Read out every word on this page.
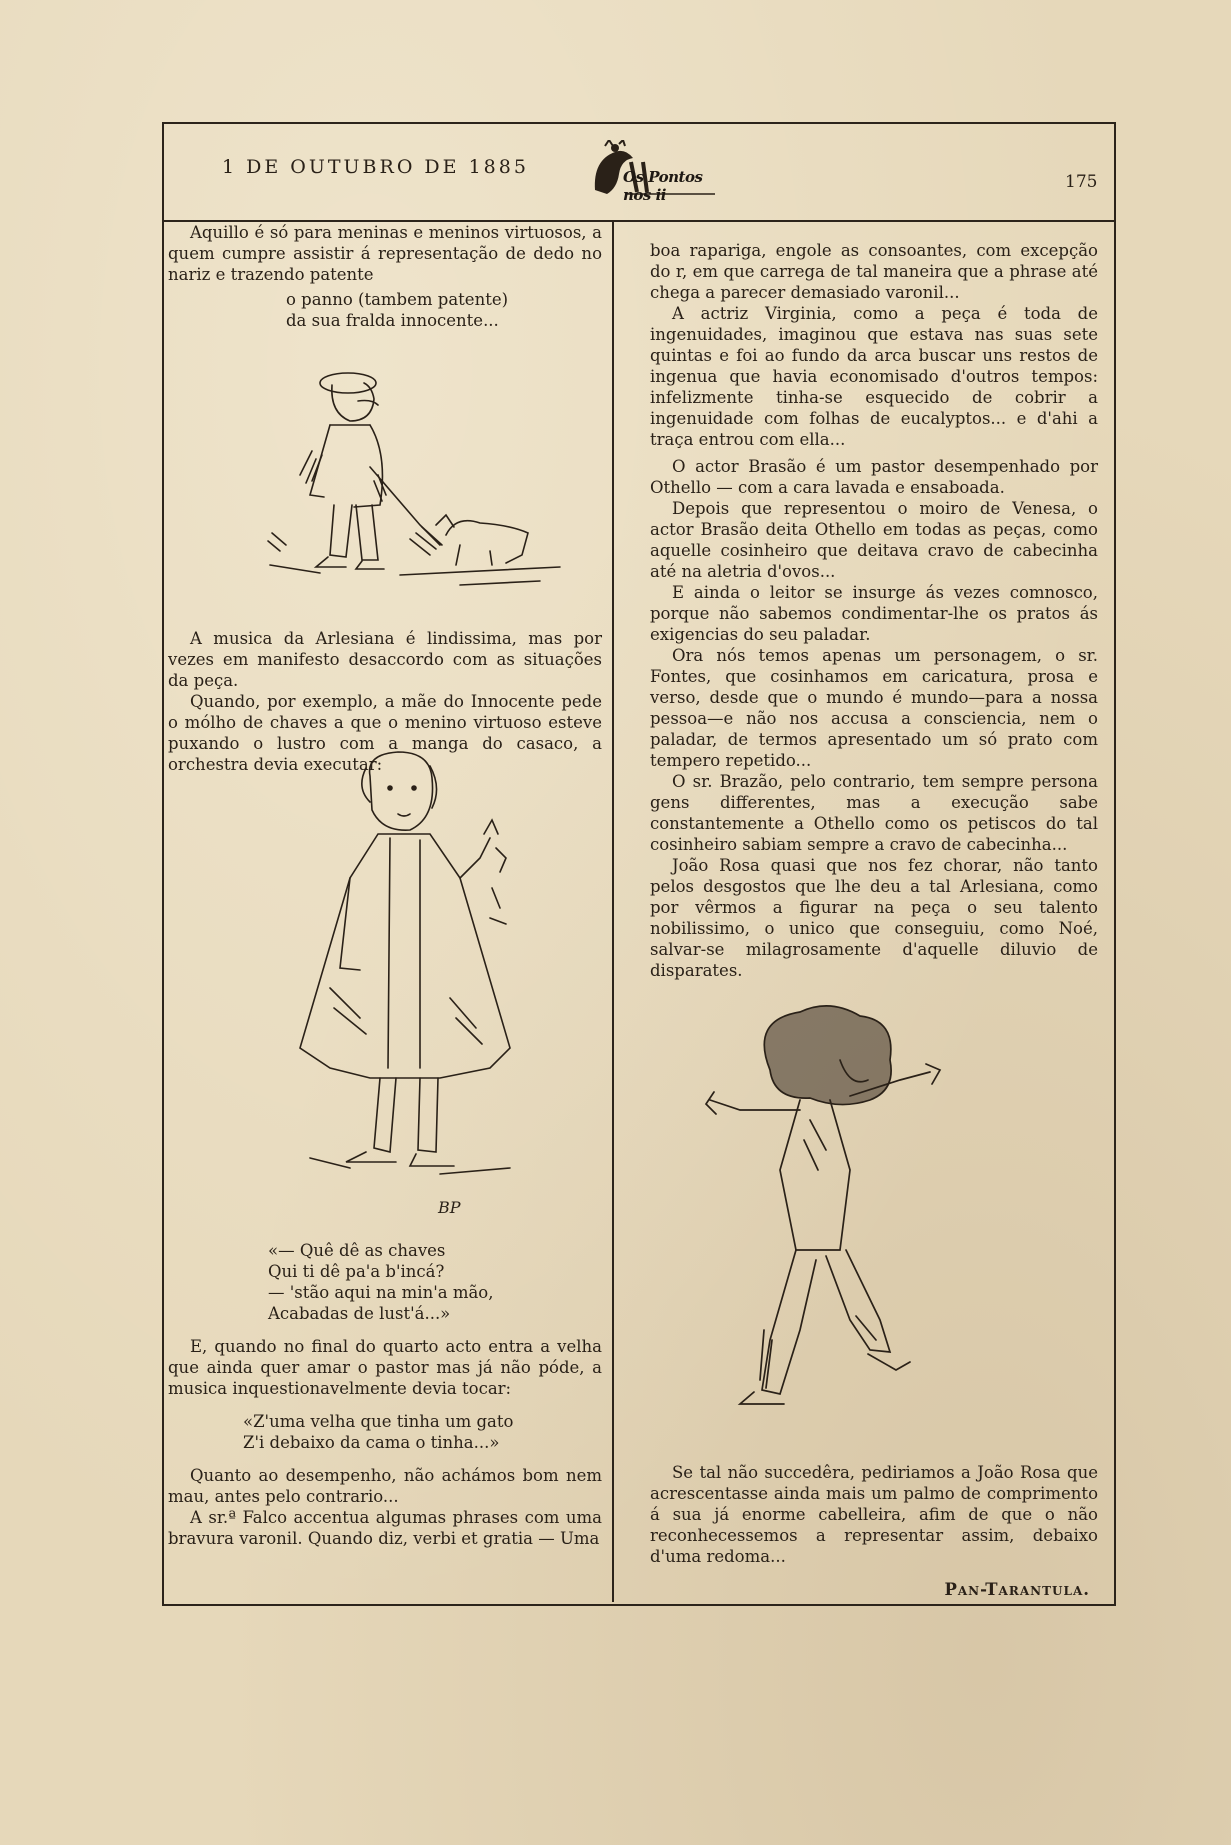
1 DE OUTUBRO DE 1885	Os Pontos nos ii
175

Aquillo é só para meninas e meninos virtuosos, a quem cumpre assistir á representação de dedo no nariz e trazendo patente

o panno (tambem patente)

da sua fralda innocente...

A musica da Arlesiana é lindissima, mas por vezes em manifesto desaccordo com as situações da peça.

Quando, por exemplo, a mãe do Innocente pede o mólho de chaves a que o menino virtuoso esteve puxando o lustro com a manga do casaco, a orchestra devia executar:

BP

«— Quê dê as chaves

Qui ti dê pa'a b'incá?

— 'stão aqui na min'a mão,

Acabadas de lust'á...»

E, quando no final do quarto acto entra a velha que ainda quer amar o pastor mas já não póde, a musica inquestionavelmente devia tocar:

«Z'uma velha que tinha um gato

Z'i debaixo da cama o tinha...»

Quanto ao desempenho, não achámos bom nem mau, antes pelo contrario...

A sr.ª Falco accentua algumas phrases com uma bravura varonil. Quando diz, verbi et gratia — Uma

boa rapariga, engole as consoantes, com excepção do r, em que carrega de tal maneira que a phrase até chega a parecer demasiado varonil...

A actriz Virginia, como a peça é toda de ingenuidades, imaginou que estava nas suas sete quintas e foi ao fundo da arca buscar uns restos de ingenua que havia economisado d'outros tempos: infelizmente tinha-se esquecido de cobrir a ingenuidade com folhas de eucalyptos... e d'ahi a traça entrou com ella...

O actor Brasão é um pastor desempenhado por Othello — com a cara lavada e ensaboada.

Depois que representou o moiro de Venesa, o actor Brasão deita Othello em todas as peças, como aquelle cosinheiro que deitava cravo de cabecinha até na aletria d'ovos...

E ainda o leitor se insurge ás vezes comnosco, porque não sabemos condimentar-lhe os pratos ás exigencias do seu paladar.

Ora nós temos apenas um personagem, o sr. Fontes, que cosinhamos em caricatura, prosa e verso, desde que o mundo é mundo—para a nossa pessoa—e não nos accusa a consciencia, nem o paladar, de termos apresentado um só prato com tempero repetido...

O sr. Brazão, pelo contrario, tem sempre persona gens differentes, mas a execução sabe constantemente a Othello como os petiscos do tal cosinheiro sabiam sempre a cravo de cabecinha...

João Rosa quasi que nos fez chorar, não tanto pelos desgostos que lhe deu a tal Arlesiana, como por vêrmos a figurar na peça o seu talento nobilissimo, o unico que conseguiu, como Noé, salvar-se milagrosamente d'aquelle diluvio de disparates.

Se tal não succedêra, pediriamos a João Rosa que acrescentasse ainda mais um palmo de comprimento á sua já enorme cabelleira, afim de que o não reconhecessemos a representar assim, debaixo d'uma redoma...

Pan-Tarantula.
